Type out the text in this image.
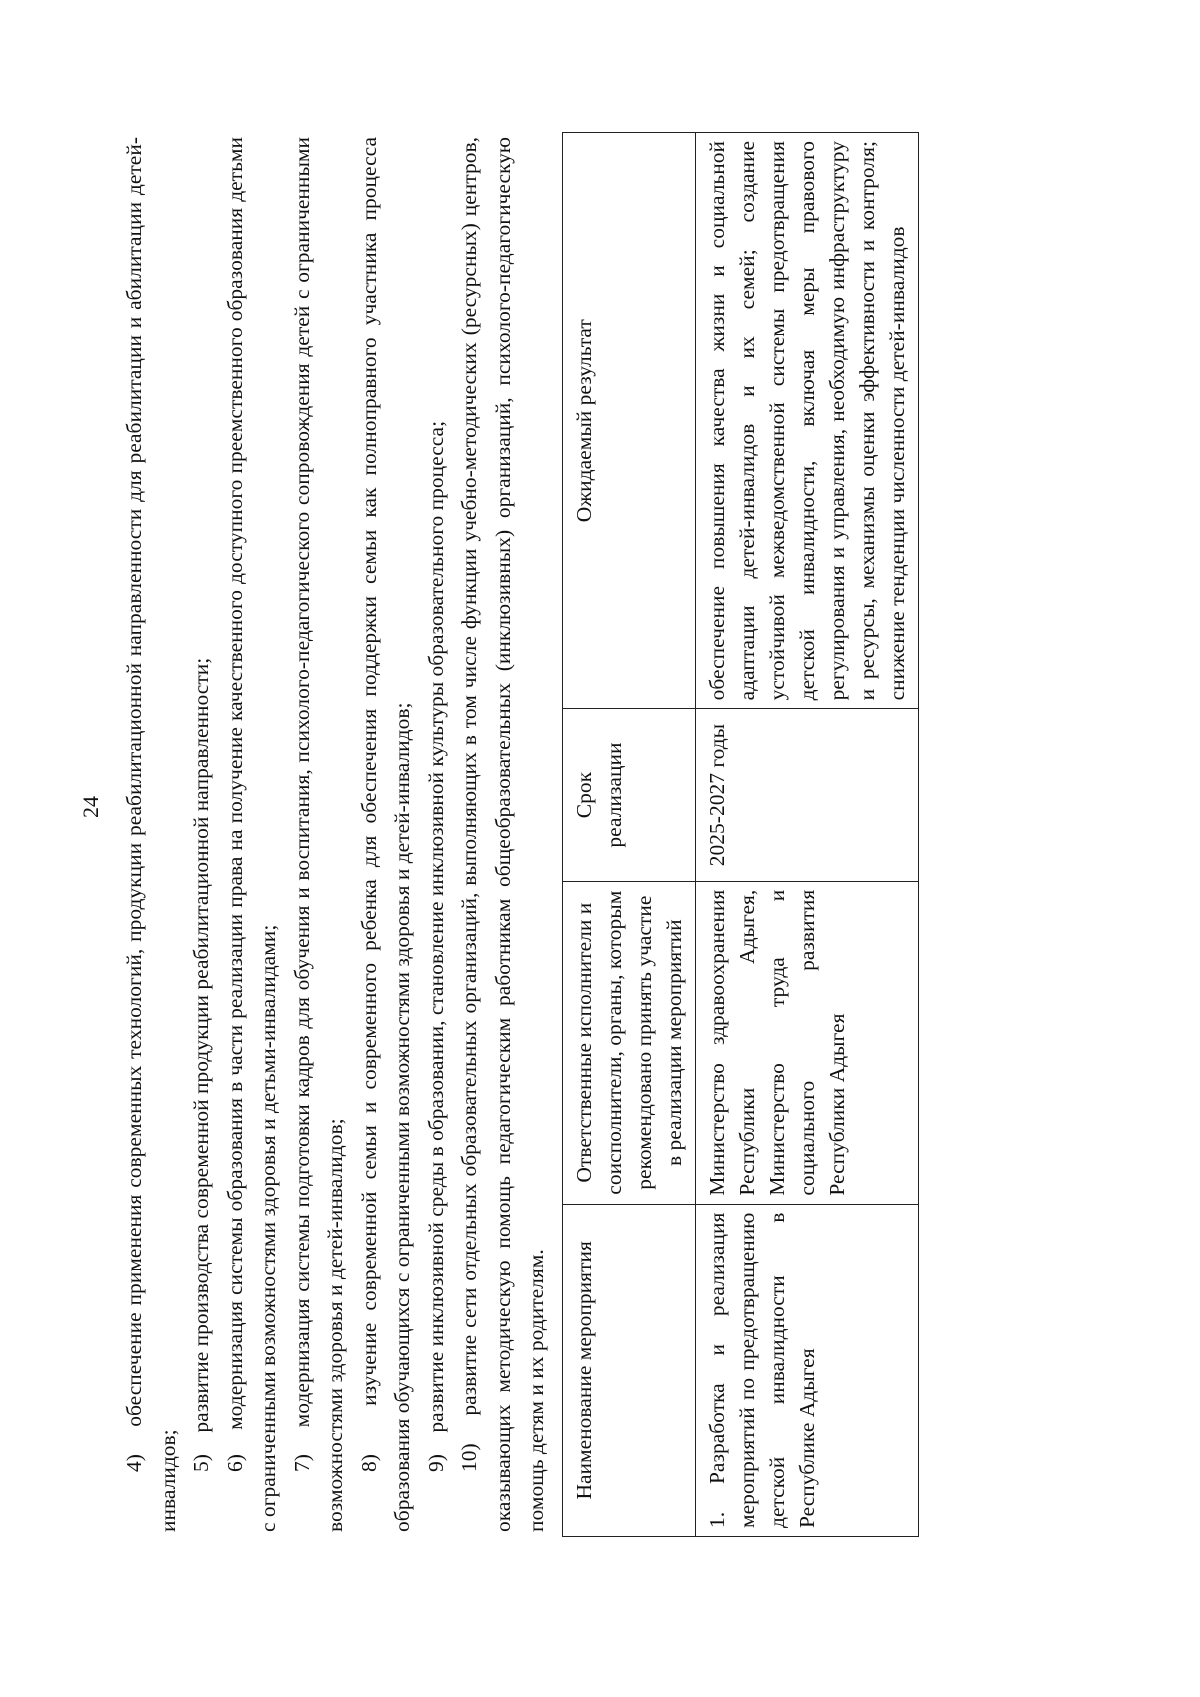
24 4)    обеспечение применения современных технологий, продукции реабилитационной направленности для реабилитации и абилитации детей-инвалидов;

5)    развитие производства современной продукции реабилитационной направленности; 6)    модернизация системы образования в части реализации права на получение качественного доступного преемственного образования детьми с ограниченными возможностями здоровья и детьми-инвалидами; 7)    модернизация системы подготовки кадров для обучения и воспитания, психолого-педагогического сопровождения детей с ограниченными возможностями здоровья и детей-инвалидов; 8)    изучение современной семьи и современного ребенка для обеспечения поддержки семьи как полноправного участника процесса образования обучающихся с ограниченными возможностями здоровья и детей-инвалидов; 9)    развитие инклюзивной среды в образовании, становление инклюзивной культуры образовательного процесса; 10)    развитие сети отдельных образовательных организаций, выполняющих в том числе функции учебно-методических (ресурсных) центров, оказывающих методическую помощь педагогическим работникам общеобразовательных (инклюзивных) организаций, психолого-педагогическую помощь детям и их родителям. Наименование мероприятия	Ответственные исполнители и соисполнители, органы, которым рекомендовано принять участие в реализации мероприятий	Срок реализации	Ожидаемый результат
1. Разработка и реализация мероприятий по предотвращению детской инвалидности в Республике Адыгея	Министерство здравоохранения Республики Адыгея, Министерство труда и социального развития Республики Адыгея	2025-2027 годы	обеспечение повышения качества жизни и социальной адаптации детей-инвалидов и их семей; создание устойчивой межведомственной системы предотвращения детской инвалидности, включая меры правового регулирования и управления, необходимую инфраструктуру и ресурсы, механизмы оценки эффективности и контроля; снижение тенденции численности детей-инвалидов
